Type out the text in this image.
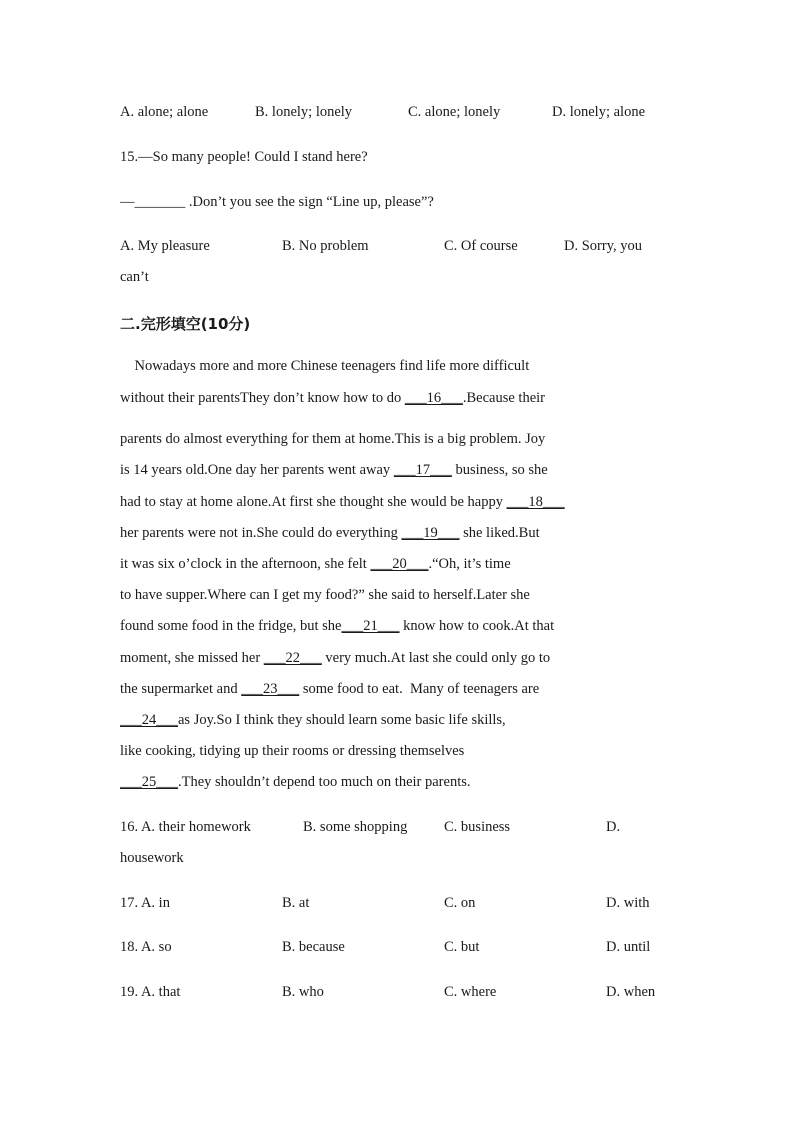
A. alone; alone	B. lonely; lonely	C. alone; lonely	D. lonely; alone
15.—So many people! Could I stand here?
—_______ .Don’t you see the sign “Line up, please”?
A. My pleasure	B. No problem	C. Of course	D. Sorry, you
can’t
二.完形填空(10分)
Nowadays more and more Chinese teenagers find life more difficult
without their parentsThey don’t know how to do ___16___.Because their
parents do almost everything for them at home.This is a big problem. Joy
is 14 years old.One day her parents went away ___17___ business, so she
had to stay at home alone.At first she thought she would be happy ___18___
her parents were not in.She could do everything ___19___ she liked.But
it was six o’clock in the afternoon, she felt ___20___.“Oh, it’s time
to have supper.Where can I get my food?” she said to herself.Later she
found some food in the fridge, but she___21___ know how to cook.At that
moment, she missed her ___22___ very much.At last she could only go to
the supermarket and ___23___ some food to eat.  Many of teenagers are
___24___as Joy.So I think they should learn some basic life skills,
like cooking, tidying up their rooms or dressing themselves
___25___.They shouldn’t depend too much on their parents.
16. A. their homework	B. some shopping	C. business	D.
housework
17. A. in	B. at	C. on	D. with
18. A. so	B. because	C. but	D. until
19. A. that	B. who	C. where	D. when
